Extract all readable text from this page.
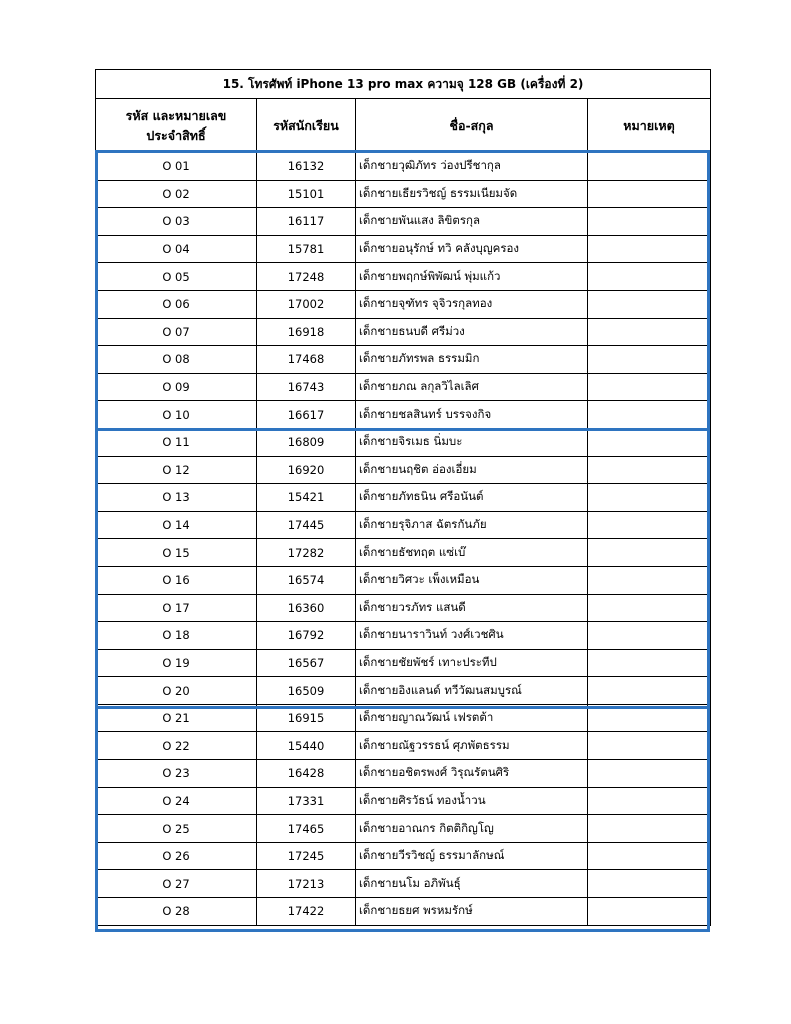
15. โทรศัพท์ iPhone 13 pro max ความจุ 128 GB (เครื่องที่ 2)			
รหัส และหมายเลข
ประจำสิทธิ์	รหัสนักเรียน	ชื่อ-สกุล	หมายเหตุ
O 01	16132	เด็กชายวุฒิภัทร ว่องปรีชากุล	
O 02	15101	เด็กชายเธียรวิชญ์ ธรรมเนียมจัด	
O 03	16117	เด็กชายพันแสง ลิขิตรกุล	
O 04	15781	เด็กชายอนุรักษ์ ทวิ คลังบุญครอง	
O 05	17248	เด็กชายพฤกษ์พิพัฒน์ พุ่มแก้ว	
O 06	17002	เด็กชายจุฑัทร จุจิวรกุลทอง	
O 07	16918	เด็กชายธนบดี ศรีม่วง	
O 08	17468	เด็กชายภัทรพล ธรรมมิก	
O 09	16743	เด็กชายภณ ลกุลวิไลเลิศ	
O 10	16617	เด็กชายชลสินทร์ บรรจงกิจ	
O 11	16809	เด็กชายจิรเมธ นิ่มบะ	
O 12	16920	เด็กชายนฤชิต อ่องเอี่ยม	
O 13	15421	เด็กชายภัทธนิน ศรีอนันต์	
O 14	17445	เด็กชายรุจิภาส ฉัตรกันภัย	
O 15	17282	เด็กชายธัชทฤต แซ่เบ๊	
O 16	16574	เด็กชายวิศวะ เพ็งเหมือน	
O 17	16360	เด็กชายวรภัทร แสนดี	
O 18	16792	เด็กชายนาราวินท์ วงศ์เวชศิน	
O 19	16567	เด็กชายชัยพัชร์ เทาะประทีป	
O 20	16509	เด็กชายอิงแลนด์ ทวีวัฒนสมบูรณ์	
O 21	16915	เด็กชายญาณวัฒน์ เฟรตต้า	
O 22	15440	เด็กชายณัฐวรรธน์ ศุภพัตธรรม	
O 23	16428	เด็กชายอชิตรพงศ์ วิรุณรัตนศิริ	
O 24	17331	เด็กชายศิรวัธน์ ทองน้ำวน	
O 25	17465	เด็กชายอาณกร กิตติกิญโญ	
O 26	17245	เด็กชายวีรวิชญ์ ธรรมาลักษณ์	
O 27	17213	เด็กชายนโม อภิพันธุ์	
O 28	17422	เด็กชายธยศ พรหมรักษ์	
